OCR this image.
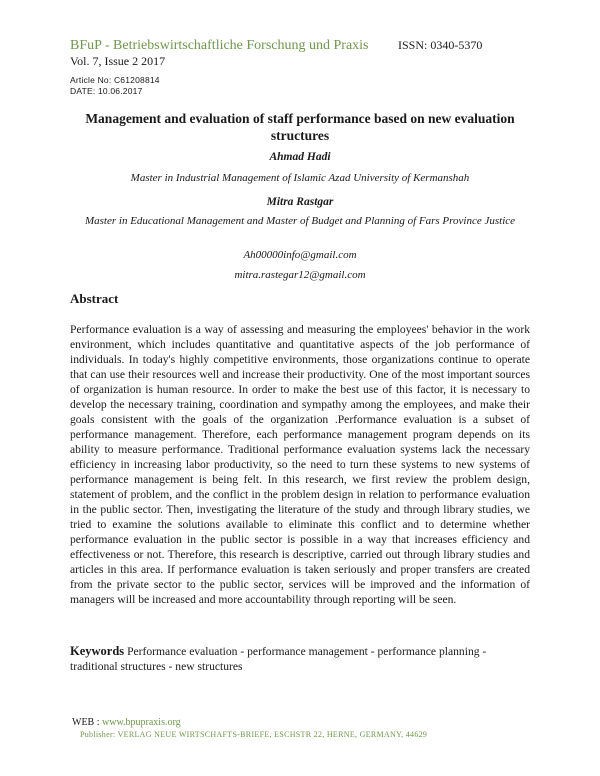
BFuP - Betriebswirtschaftliche Forschung und Praxis ISSN: 0340-5370
Vol. 7, Issue 2 2017
Article No: C61208814
DATE: 10.06.2017
Management and evaluation of staff performance based on new evaluation structures
Ahmad Hadi
Master in Industrial Management of Islamic Azad University of Kermanshah
Mitra Rastgar
Master in Educational Management and Master of Budget and Planning of Fars Province Justice
Ah00000info@gmail.com
mitra.rastegar12@gmail.com
Abstract

Performance evaluation is a way of assessing and measuring the employees' behavior in the work environment, which includes quantitative and quantitative aspects of the job performance of individuals. In today's highly competitive environments, those organizations continue to operate that can use their resources well and increase their productivity. One of the most important sources of organization is human resource. In order to make the best use of this factor, it is necessary to develop the necessary training, coordination and sympathy among the employees, and make their goals consistent with the goals of the organization .Performance evaluation is a subset of performance management. Therefore, each performance management program depends on its ability to measure performance. Traditional performance evaluation systems lack the necessary efficiency in increasing labor productivity, so the need to turn these systems to new systems of performance management is being felt. In this research, we first review the problem design, statement of problem, and the conflict in the problem design in relation to performance evaluation in the public sector. Then, investigating the literature of the study and through library studies, we tried to examine the solutions available to eliminate this conflict and to determine whether performance evaluation in the public sector is possible in a way that increases efficiency and effectiveness or not. Therefore, this research is descriptive, carried out through library studies and articles in this area. If performance evaluation is taken seriously and proper transfers are created from the private sector to the public sector, services will be improved and the information of managers will be increased and more accountability through reporting will be seen.

Keywords Performance evaluation - performance management - performance planning - traditional structures - new structures

WEB : www.bpupraxis.org
Publisher: VERLAG NEUE WIRTSCHAFTS-BRIEFE, ESCHSTR 22, HERNE, GERMANY, 44629
